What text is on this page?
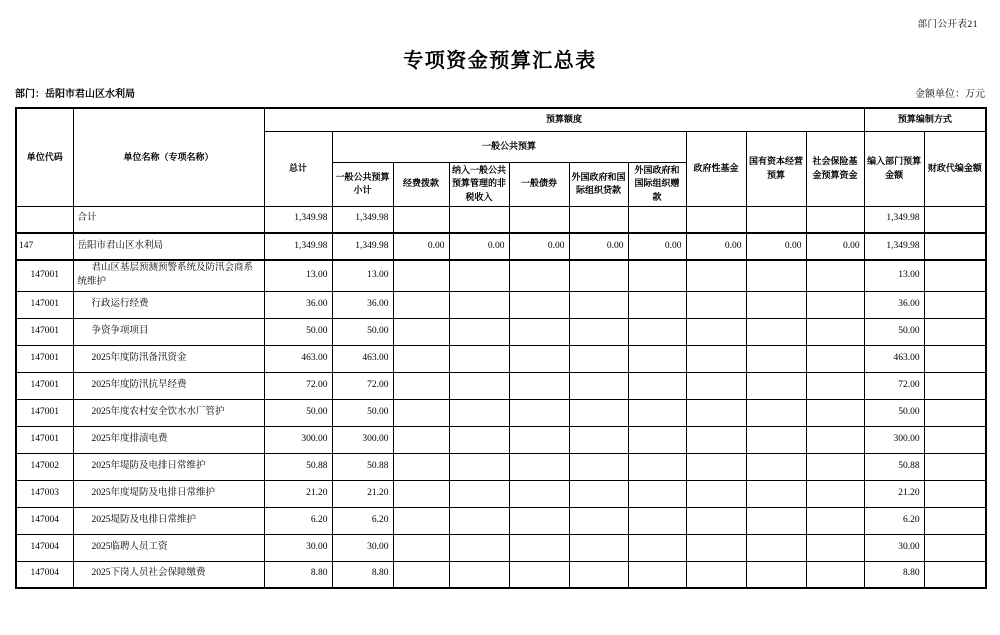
部门公开表21
专项资金预算汇总表
部门：岳阳市君山区水利局	金额单位：万元
单位代码	单位名称（专项名称）	预算额度										预算编制方式	
		总计	一般公共预算						政府性基金	国有资本经营预算	社会保险基金预算资金	编入部门预算金额	财政代编金额
			一般公共预算小计	经费拨款	纳入一般公共预算管理的非税收入	一般债券	外国政府和国际组织贷款	外国政府和国际组织赠款					
	合计	1,349.98	1,349.98									1,349.98	
147	岳阳市君山区水利局	1,349.98	1,349.98	0.00	0.00	0.00	0.00	0.00	0.00	0.00	0.00	1,349.98	
147001	君山区基层预测预警系统及防汛会商系统维护	13.00	13.00									13.00	
147001	行政运行经费	36.00	36.00									36.00	
147001	争资争项项目	50.00	50.00									50.00	
147001	2025年度防汛备汛资金	463.00	463.00									463.00	
147001	2025年度防汛抗旱经费	72.00	72.00									72.00	
147001	2025年度农村安全饮水水厂管护	50.00	50.00									50.00	
147001	2025年度排渍电费	300.00	300.00									300.00	
147002	2025年堤防及电排日常维护	50.88	50.88									50.88	
147003	2025年度堤防及电排日常维护	21.20	21.20									21.20	
147004	2025堤防及电排日常维护	6.20	6.20									6.20	
147004	2025临聘人员工资	30.00	30.00									30.00	
147004	2025下岗人员社会保障缴费	8.80	8.80									8.80	
